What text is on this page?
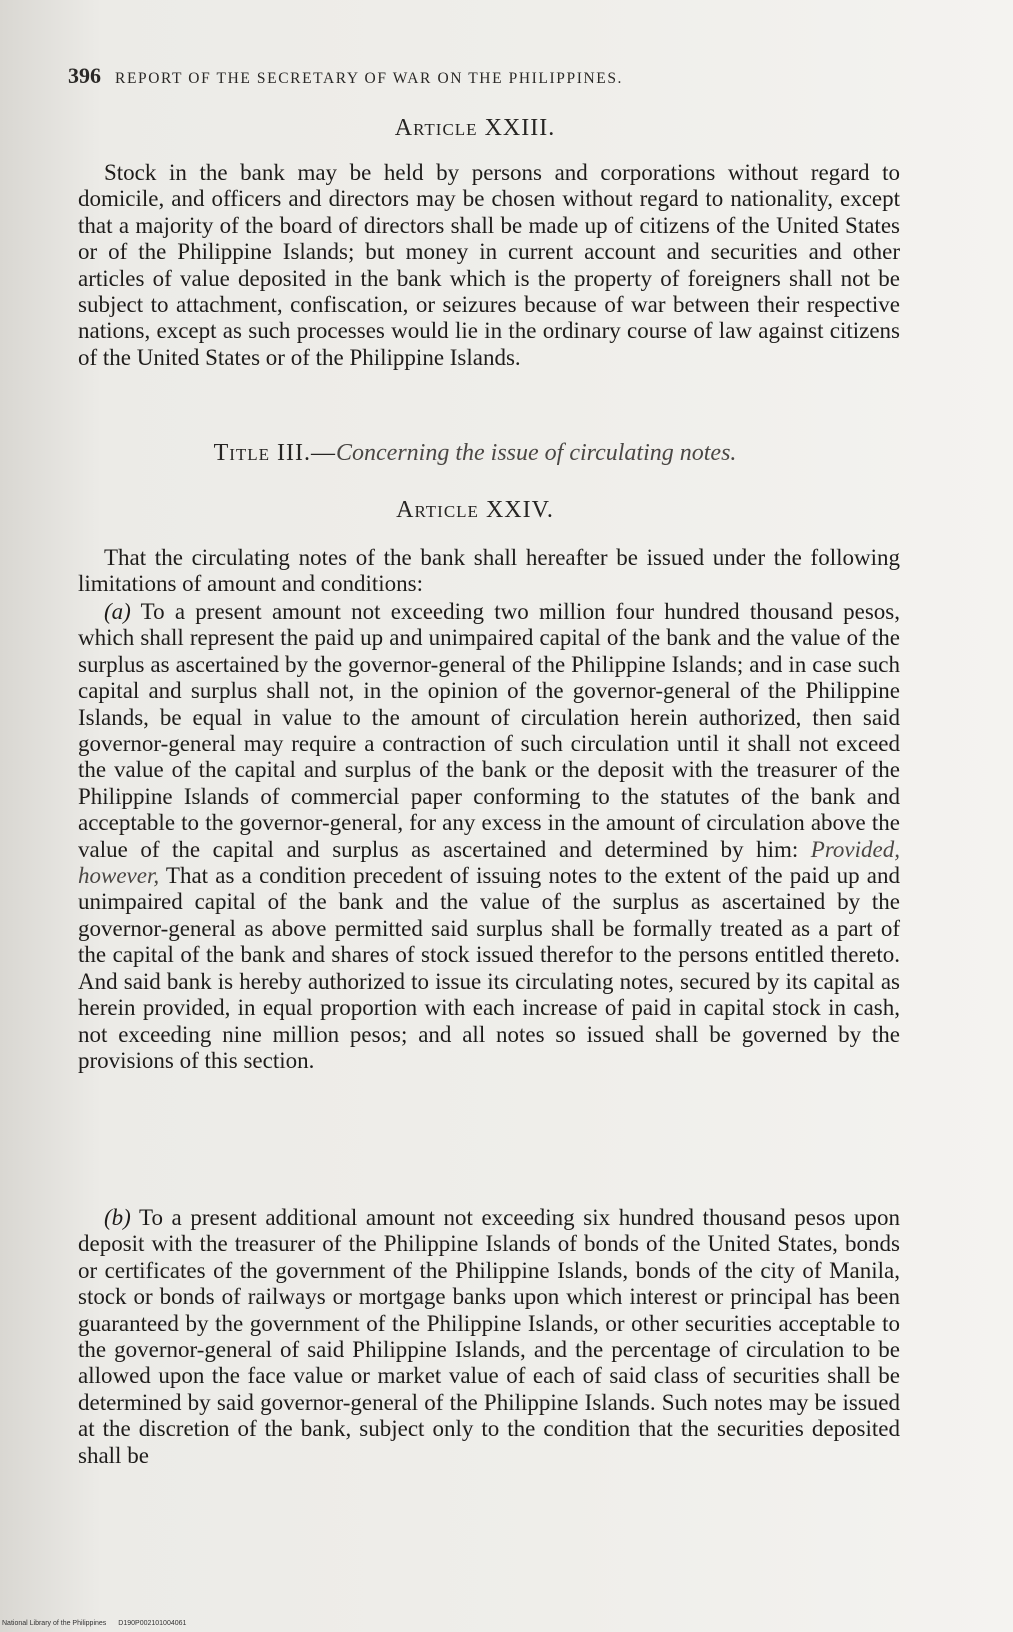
396 REPORT OF THE SECRETARY OF WAR ON THE PHILIPPINES.
Article XXIII.

Stock in the bank may be held by persons and corporations without regard to domicile, and officers and directors may be chosen without regard to nationality, except that a majority of the board of directors shall be made up of citizens of the United States or of the Philippine Islands; but money in current account and securities and other articles of value deposited in the bank which is the property of foreigners shall not be subject to attachment, confiscation, or seizures because of war between their respective nations, except as such processes would lie in the ordinary course of law against citizens of the United States or of the Philippine Islands.

Title III.—Concerning the issue of circulating notes.
Article XXIV.

That the circulating notes of the bank shall hereafter be issued under the following limitations of amount and conditions:

(a) To a present amount not exceeding two million four hundred thousand pesos, which shall represent the paid up and unimpaired capital of the bank and the value of the surplus as ascertained by the governor-general of the Philippine Islands; and in case such capital and surplus shall not, in the opinion of the governor-general of the Philippine Islands, be equal in value to the amount of circulation herein authorized, then said governor-general may require a contraction of such circulation until it shall not exceed the value of the capital and surplus of the bank or the deposit with the treasurer of the Philippine Islands of commercial paper conforming to the statutes of the bank and acceptable to the governor-general, for any excess in the amount of circulation above the value of the capital and surplus as ascertained and determined by him: Provided, however, That as a condition precedent of issuing notes to the extent of the paid up and unimpaired capital of the bank and the value of the surplus as ascertained by the governor-general as above permitted said surplus shall be formally treated as a part of the capital of the bank and shares of stock issued therefor to the persons entitled thereto. And said bank is hereby authorized to issue its circulating notes, secured by its capital as herein provided, in equal proportion with each increase of paid in capital stock in cash, not exceeding nine million pesos; and all notes so issued shall be governed by the provisions of this section.

(b) To a present additional amount not exceeding six hundred thousand pesos upon deposit with the treasurer of the Philippine Islands of bonds of the United States, bonds or certificates of the government of the Philippine Islands, bonds of the city of Manila, stock or bonds of railways or mortgage banks upon which interest or principal has been guaranteed by the government of the Philippine Islands, or other securities acceptable to the governor-general of said Philippine Islands, and the percentage of circulation to be allowed upon the face value or market value of each of said class of securities shall be determined by said governor-general of the Philippine Islands. Such notes may be issued at the discretion of the bank, subject only to the condition that the securities deposited shall be

National Library of the Philippines D190P002101004061
